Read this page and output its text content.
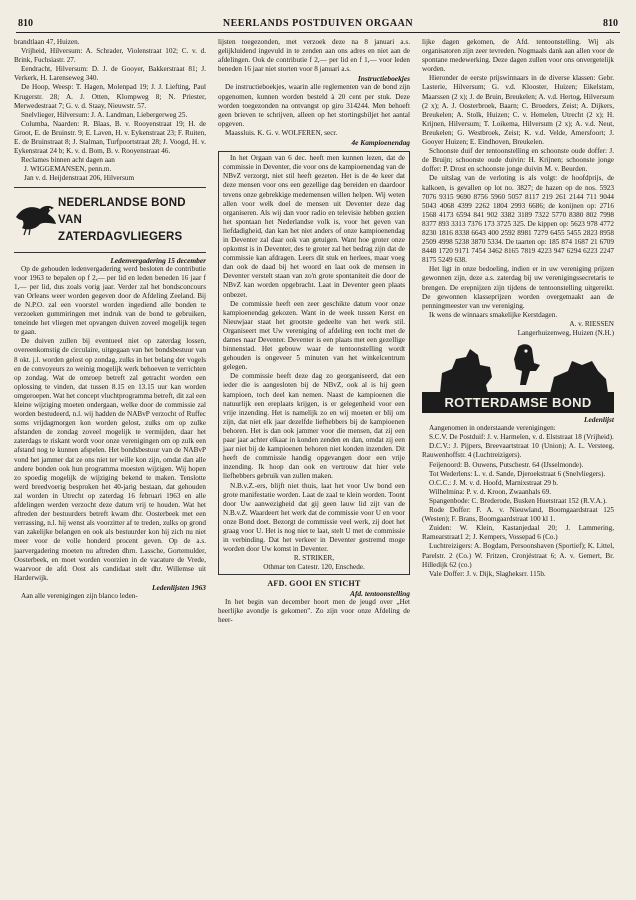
810	NEERLANDS POSTDUIVEN ORGAAN	810

brandtlaan 47, Huizen.

Vrijheid, Hilversum: A. Schrader, Violenstraat 102; C. v. d. Brink, Fuchsiastr. 27.

Eendracht, Hilversum: D. J. de Gooyer, Bakkerstraat 81; J. Verkerk, H. Larenseweg 340.

De Hoop, Weesp: T. Hagen, Molenpad 19; J. J. Liefting, Paul Krugerstr. 28; A. J. Otten, Klompweg 8; N. Priester, Merwedestraat 7; G. v. d. Staay, Nieuwstr. 57.

Snelvlieger, Hilversum: J. A. Landman, Liebergerweg 25.

Columba, Naarden: R. Blaas, B. v. Rooyenstraat 19; H. de Groot, E. de Bruinstr. 9; E. Laven, H. v. Eykenstraat 23; F. Ruiten, E. de Bruinstraat 8; J. Stalman, Turfpoortstraat 28; J. Voogd, H. v. Eykenstraat 24 b; K. v. d. Bom, B. v. Rooyenstraat 46.

Reclames binnen acht dagen aan

J. WIGGEMANSEN, penn.m.

Jan v. d. Heijdenstraat 206, Hilversum

NEDERLANDSE BOND
VAN ZATERDAGVLIEGERS
Ledenvergadering 15 december

Op de gehouden ledenvergadering werd besloten de contributie voor 1963 te bepalen op f 2,— per lid en leden beneden 16 jaar f 1,— per lid, dus zoals vorig jaar. Verder zal het bondsconcours van Orleans weer worden gegeven door de Afdeling Zeeland. Bij de N.P.O. zal een voorstel worden ingediend alle bonden te verzoeken gummiringen met indruk van de bond te gebruiken, teneinde het vliegen met opvangen duiven zoveel mogelijk tegen te gaan.

De duiven zullen bij eventueel niet op zaterdag lossen, overeenkomstig de circulaire, uitgegaan van het bondsbestuur van 8 okt. j.l. worden gelost op zondag, zulks in het belang der vogels en de convoyeurs zo weinig mogelijk werk behoeven te verrichten op zondag. Wat de omroep betreft zal getracht worden een oplossing te vinden, dat tussen 8.15 en 13.15 uur kan worden omgeroepen. Wat het concept vluchtprogramma betreft, dit zal een kleine wijziging moeten ondergaan, welke door de commissie zal worden bestudeerd, n.l. wij hadden de NABvP verzocht of Ruffec soms vrijdagmorgen kon worden gelost, zulks om op zulke afstanden de zondag zoveel mogelijk te vermijden, daar het zaterdags te riskant wordt voor onze verenigingen om op zulk een afstand nog te kunnen afspelen. Het bondsbestuur van de NABvP vond het jammer dat ze ons niet ter wille kon zijn, omdat dan alle andere bonden ook hun programma moesten wijzigen. Wij hopen zo spoedig mogelijk de wijziging bekend te maken. Tenslotte werd breedvoerig besproken het 40-jarig bestaan, dat gehouden zal worden in Utrecht op zaterdag 16 februari 1963 en alle afdelingen werden verzocht deze datum vrij te houden. Wat het aftreden der bestuurders betreft kwam dhr. Oosterbeek met een verrassing, n.l. hij wenst als voorzitter af te treden, zulks op grond van zakelijke belangen en ook als bestuurder kon hij zich nu niet meer voor de volle honderd procent geven. Op de a.s. jaarvergadering moeten nu aftreden dhrn. Lassche, Gortemulder, Oosterbeek, en moet worden voorzien in de vacature de Vrede, waarvoor de afd. Oost als candidaat stelt dhr. Willemse uit Harderwijk.

Ledenlijsten 1963

Aan alle verenigingen zijn blanco leden-

lijsten toegezonden, met verzoek deze na 8 januari a.s. gelijkluidend ingevuld in te zenden aan ons adres en niet aan de afdelingen. Ook de contributie f 2,— per lid en f 1,— voor leden beneden 16 jaar niet storten voor 8 januari a.s.

Instructieboekjes

De instructieboekjes, waarin alle reglementen van de bond zijn opgenomen, kunnen worden besteld à 20 cent per stuk. Deze worden toegezonden na ontvangst op giro 314244. Men behoeft geen brieven te schrijven, alleen op het stortingsbiljet het aantal opgeven.

Maassluis. K. G. v. WOLFEREN, secr.

4e Kampioenendag

In het Orgaan van 6 dec. heeft men kunnen lezen, dat de commissie in Deventer, die voor ons de kampioenendag van de NBvZ verzorgt, niet stil heeft gezeten. Het is de 4e keer dat deze mensen voor ons een gezellige dag bereiden en daardoor tevens onze gebrekkige medemensen willen helpen. Wij weten allen voor welk doel de mensen uit Deventer deze dag organiseren. Als wij dan voor radio en televisie hebben gezien het spontaan het Nederlandse volk is, voor het geven van liefdadigheid, dan kan het niet anders of onze kampioenendag in Deventer zal daar ook van getuigen. Want hoe groter onze opkomst is in Deventer, des te groter zal het bedrag zijn dat de commissie kan afdragen. Leers dit stuk en herlees, maar voeg dan ook de daad bij het woord en laat ook de mensen in Deventer verstelt staan van zo'n grote spontaniteit die door de NBvZ kan worden opgebracht. Laat in Deventer geen plaats onbezet.

De commissie heeft een zeer geschikte datum voor onze kampioenendag gekozen. Want in de week tussen Kerst en Nieuwjaar staat het grootste gedeelte van het werk stil. Organiseert met Uw vereniging of afdeling een tocht met de dames naar Deventer. Deventer is een plaats met een gezellige binnenstad. Het gebouw waar de tentoonstelling wordt gehouden is ongeveer 5 minuten van het winkelcentrum gelegen.

De commissie heeft deze dag zo georganiseerd, dat een ieder die is aangesloten bij de NBvZ, ook al is hij geen kampioen, toch deel kan nemen. Naast de kampioenen die natuurlijk een ereplaats krijgen, is er gelegenheid voor een vrije inzending. Het is namelijk zo en wij moeten er blij om zijn, dat niet elk jaar dezelfde liefhebbers bij de kampioenen behoren. Het is dan ook jammer voor die mensen, dat zij een paar jaar achter elkaar in konden zenden en dan, omdat zij een jaar niet bij de kampioenen behoren niet konden inzenden. Dit heeft de commissie handig opgevangen door een vrije inzending. Ik hoop dan ook en vertrouw dat hier vele liefhebbers gebruik van zullen maken.

N.B.v.Z.-ers, blijft niet thuis, laat het voor Uw bond een grote manifestatie worden. Laat de zaal te klein worden. Toont door Uw aanwezigheid dat gij geen lauw lid zijt van de N.B.v.Z. Waardeert het werk dat de commissie voor U en voor onze Bond doet. Bezorgt de commissie veel werk, zij doet het graag voor U. Het is nog niet te laat, stelt U met de commissie in verbinding. Dat het verkeer in Deventer gestremd moge worden door Uw komst in Deventer.

R. STRIKER,

Othmar ten Catestr. 120, Enschede.

AFD. GOOI EN STICHT
Afd. tentoonstelling

In het begin van december hoort men de jeugd over „Het heerlijke avondje is gekomen". Zo zijn voor onze Afdeling de heer-

lijke dagen gekomen, de Afd. tentoonstelling. Wij als organisatoren zijn zeer tevreden. Nogmaals dank aan allen voor de spontane medewerking. Deze dagen zullen voor ons onvergetelijk worden.

Hieronder de eerste prijswinnaars in de diverse klassen: Gebr. Lasterie, Hilversum; G. v.d. Klooster, Huizen; Eikelstam, Maarssen (2 x); J. de Bruin, Breukelen; A. v.d. Hertog, Hilversum (2 x); A. J. Oosterbroek, Baarn; C. Broeders, Zeist; A. Dijkers, Breukelen; A. Stolk, Huizen; C. v. Hemelen, Utrecht (2 x); H. Krijnen, Hilversum; T. Loikema, Hilversum (2 x); A. v.d. Neut, Breukelen; G. Westbroek, Zeist; K. v.d. Velde, Amersfoort; J. Gooyer Huizen; E. Eindhoven, Breukelen.

Schoonste duif der tentoonstelling en schoonste oude doffer: J. de Bruijn; schoonste oude duivin: H. Krijnen; schoonste jonge doffer: P. Drost en schoonste jonge duivin M. v. Beurden.

De uitslag van de verloting is als volgt: de hoofdprijs, de kalkoen, is gevallen op lot no. 3827; de hazen op de nos. 5923 7076 9315 9690 8756 5960 5057 8117 219 261 2144 711 9044 5043 4068 4399 2262 1804 2993 6686; de konijnen op: 2716 1568 4173 6594 841 902 3382 3189 7322 5770 8380 802 7998 8377 893 3313 7376 173 3725 325. De kippen op: 5623 978 4772 8230 1816 8338 6643 400 2592 8981 7279 6455 5455 2823 8958 2509 4998 5238 3870 5334. De taarten op: 185 874 1687 21 6709 8448 1720 9171 7454 3462 8165 7819 4223 947 6294 6223 2247 8175 5249 638.

Het ligt in onze bedoeling, indien er in uw vereniging prijzen gewonnen zijn, deze a.s. zaterdag bij uw verenigingssecretaris te brengen. De erepnijzen zijn tijdens de tentoonstelling uitgereikt. De gewonnen klasseprijzen worden overgemaakt aan de penningmeester van uw vereniging.

Ik wens de winnaars smakelijke Kerstdagen.

A. v. RIESSEN

Langerhuizenweg, Huizen (N.H.)

ROTTERDAMSE BOND
Ledenlijst

Aangenomen in onderstaande verenigingen:

S.C.V. De Postduif: J. v. Harmelen, v. d. Elststraat 18 (Vrijheid).

D.C.V.: J. Pijpers, Breevaartstraat 10 (Union); A. L. Versteeg, Rauwenhoffstr. 4 (Luchtreizigers).

Feijenoord: B. Ouwens, Putschestr. 64 (IJsselmonde).

Tot Wederlens: L. v. d. Sande, Djeroekstraat 6 (Snelvliegers).

O.C.C.: J. M. v. d. Hoofd, Marnixstraat 29 b.

Wilhelmina: P. v. d. Kroon, Zwaanhals 69.

Spangenbode: C. Brederode, Busken Huetstraat 152 (R.V.A.).

Rode Doffer: F. A. v. Nieuwland, Boomgaardstraat 125 (Westen); F. Brans, Boomgaardstraat 100 kl 1.

Zuiden: W. Klein, Kastanjedaal 20; J. Lammering, Ramearstraat1 2; J. Kempers, Vossepad 6 (Co.)

Luchtreizigers: A. Bogdam, Persoonshaven (Sportief); K. Littel, Parelstr. 2 (Co.) W. Fritzen, Cronjéstraat 6; A. v. Gemert, Br. Hilledijk 62 (co.)

Vale Doffer: J. v. Dijk, Slagheksrr. 115b.
